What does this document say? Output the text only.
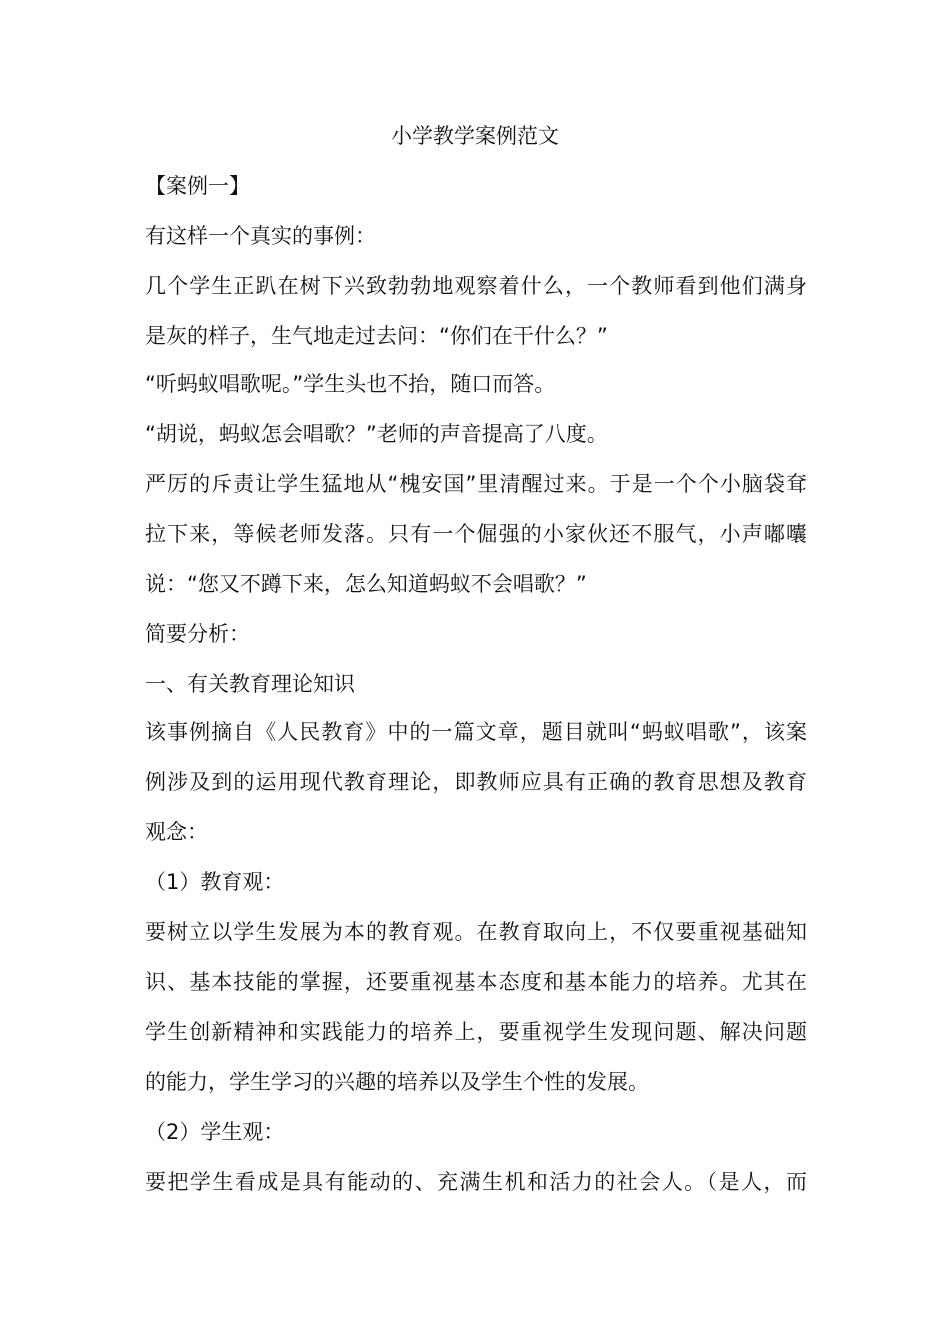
小学教学案例范文
【案例一】
有这样一个真实的事例：
几个学生正趴在树下兴致勃勃地观察着什么，一个教师看到他们满身
是灰的样子，生气地走过去问：“你们在干什么？”
“听蚂蚁唱歌呢。”学生头也不抬，随口而答。
“胡说，蚂蚁怎会唱歌？”老师的声音提高了八度。
严厉的斥责让学生猛地从“槐安国”里清醒过来。于是一个个小脑袋耷
拉下来，等候老师发落。只有一个倔强的小家伙还不服气，小声嘟囔
说：“您又不蹲下来，怎么知道蚂蚁不会唱歌？”
简要分析：
一、有关教育理论知识
该事例摘自《人民教育》中的一篇文章，题目就叫“蚂蚁唱歌”，该案
例涉及到的运用现代教育理论，即教师应具有正确的教育思想及教育
观念：
（1）教育观：
要树立以学生发展为本的教育观。在教育取向上，不仅要重视基础知
识、基本技能的掌握，还要重视基本态度和基本能力的培养。尤其在
学生创新精神和实践能力的培养上，要重视学生发现问题、解决问题
的能力，学生学习的兴趣的培养以及学生个性的发展。
（2）学生观：
要把学生看成是具有能动的、充满生机和活力的社会人。（是人，而
